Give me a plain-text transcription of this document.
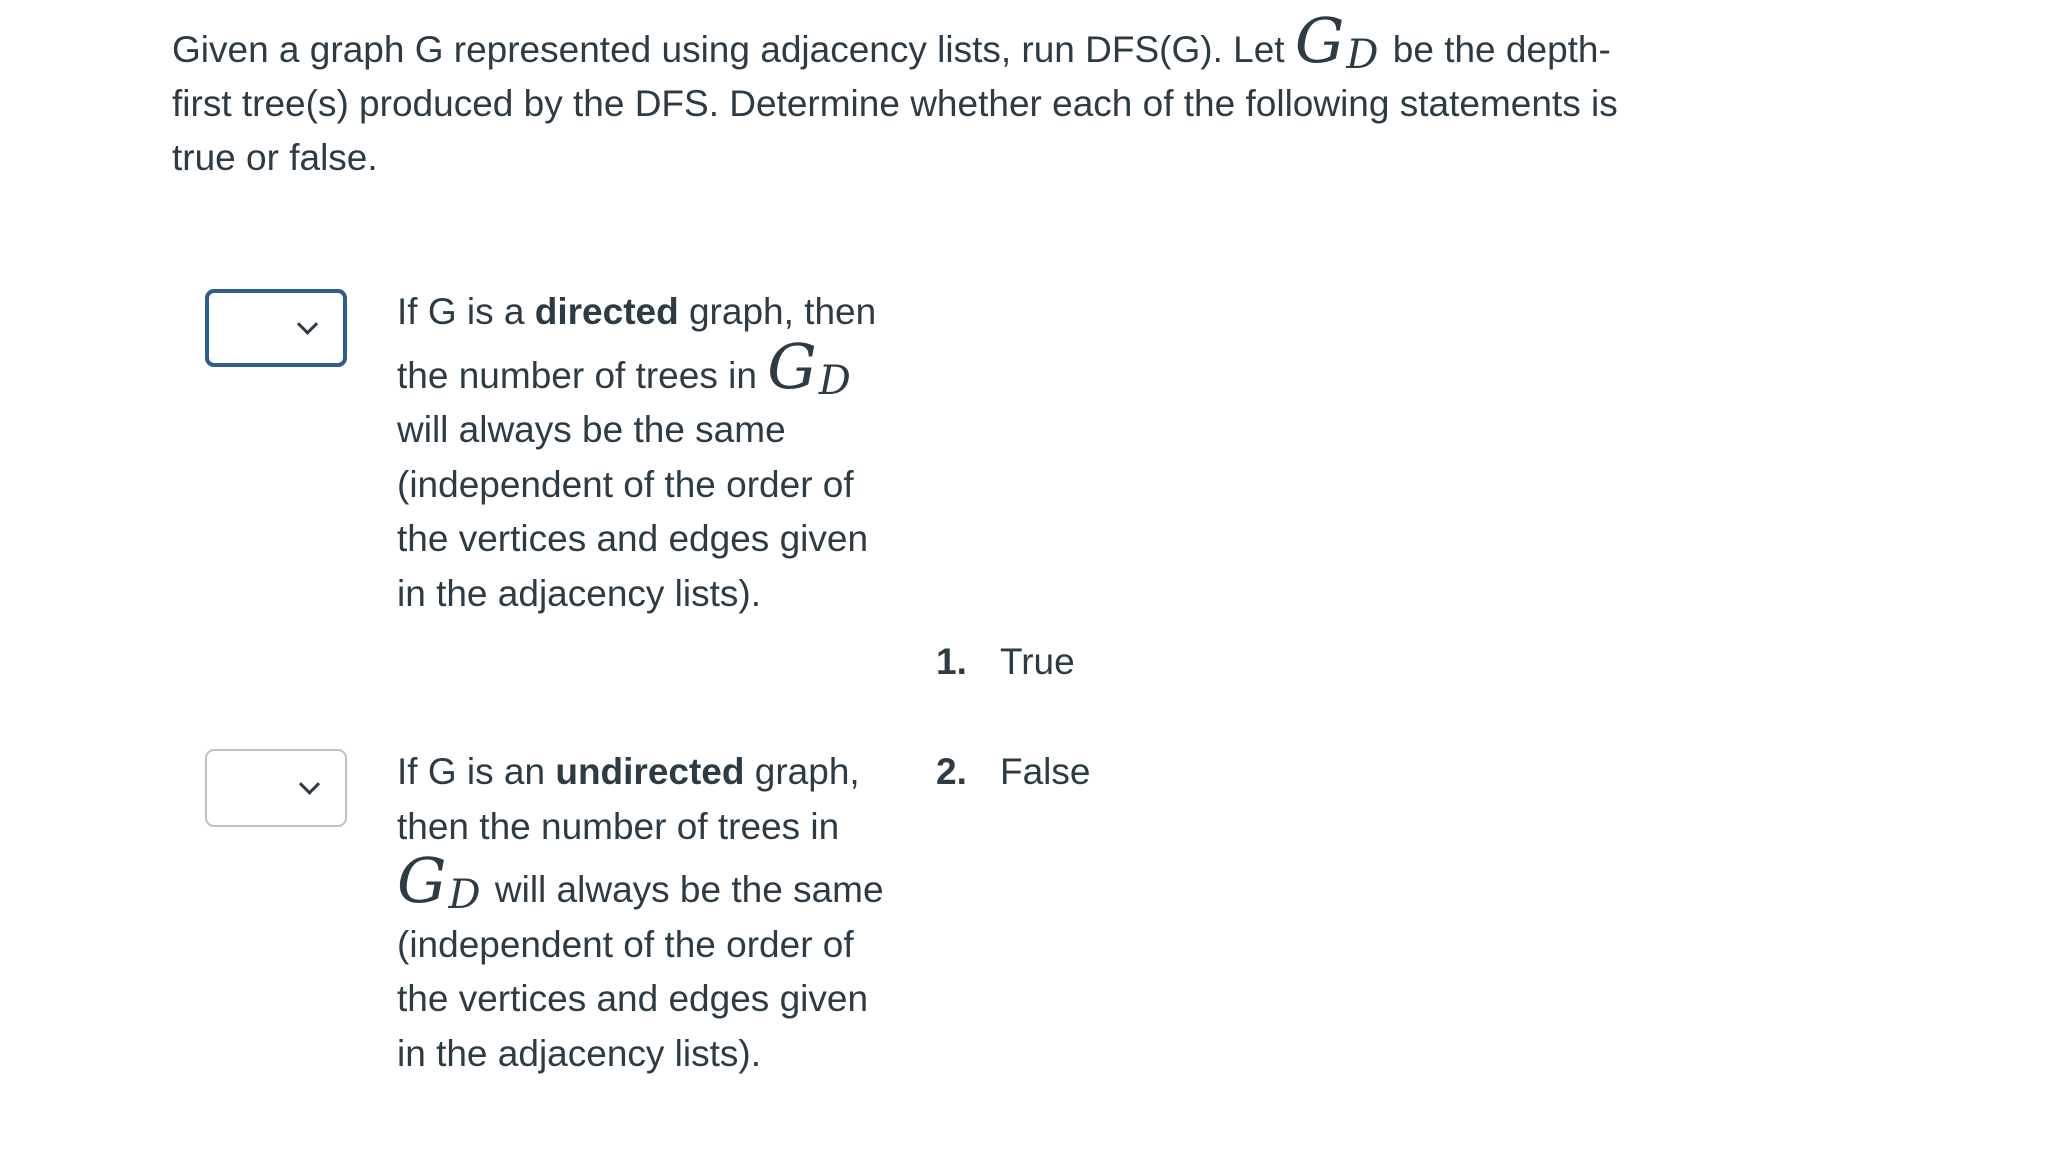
Given a graph G represented using adjacency lists, run DFS(G). Let GD be the depth-first tree(s) produced by the DFS. Determine whether each of the following statements is true or false.
If G is a directed graph, then the number of trees in GD will always be the same (independent of the order of the vertices and edges given in the adjacency lists).
If G is an undirected graph, then the number of trees in GD will always be the same (independent of the order of the vertices and edges given in the adjacency lists).
1. True
2. False
